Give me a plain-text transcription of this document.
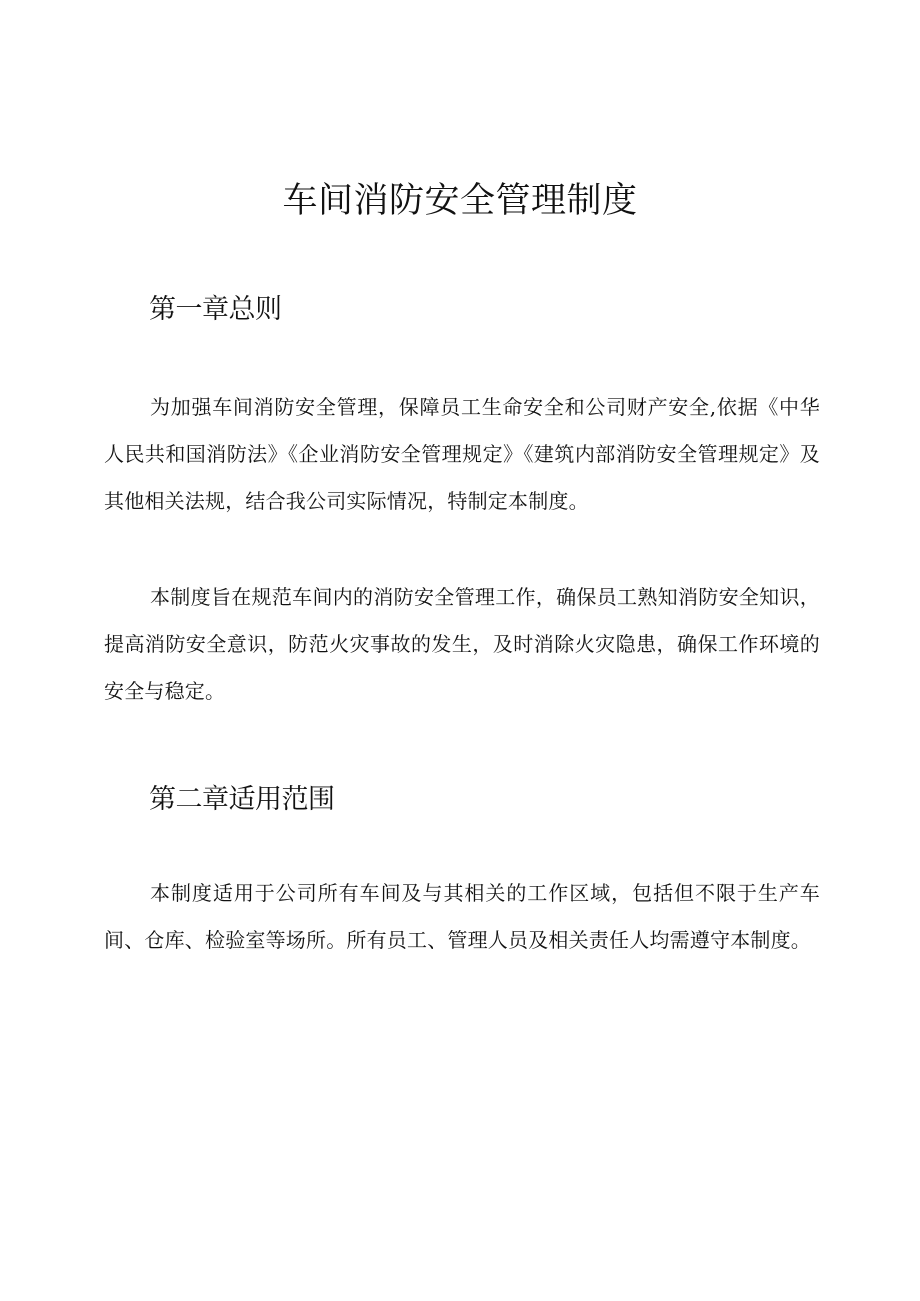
车间消防安全管理制度
第一章总则

为加强车间消防安全管理，保障员工生命安全和公司财产安全,依据《中华人民共和国消防法》《企业消防安全管理规定》《建筑内部消防安全管理规定》及其他相关法规，结合我公司实际情况，特制定本制度。

本制度旨在规范车间内的消防安全管理工作，确保员工熟知消防安全知识，提高消防安全意识，防范火灾事故的发生，及时消除火灾隐患，确保工作环境的安全与稳定。

第二章适用范围

本制度适用于公司所有车间及与其相关的工作区域，包括但不限于生产车间、仓库、检验室等场所。所有员工、管理人员及相关责任人均需遵守本制度。
